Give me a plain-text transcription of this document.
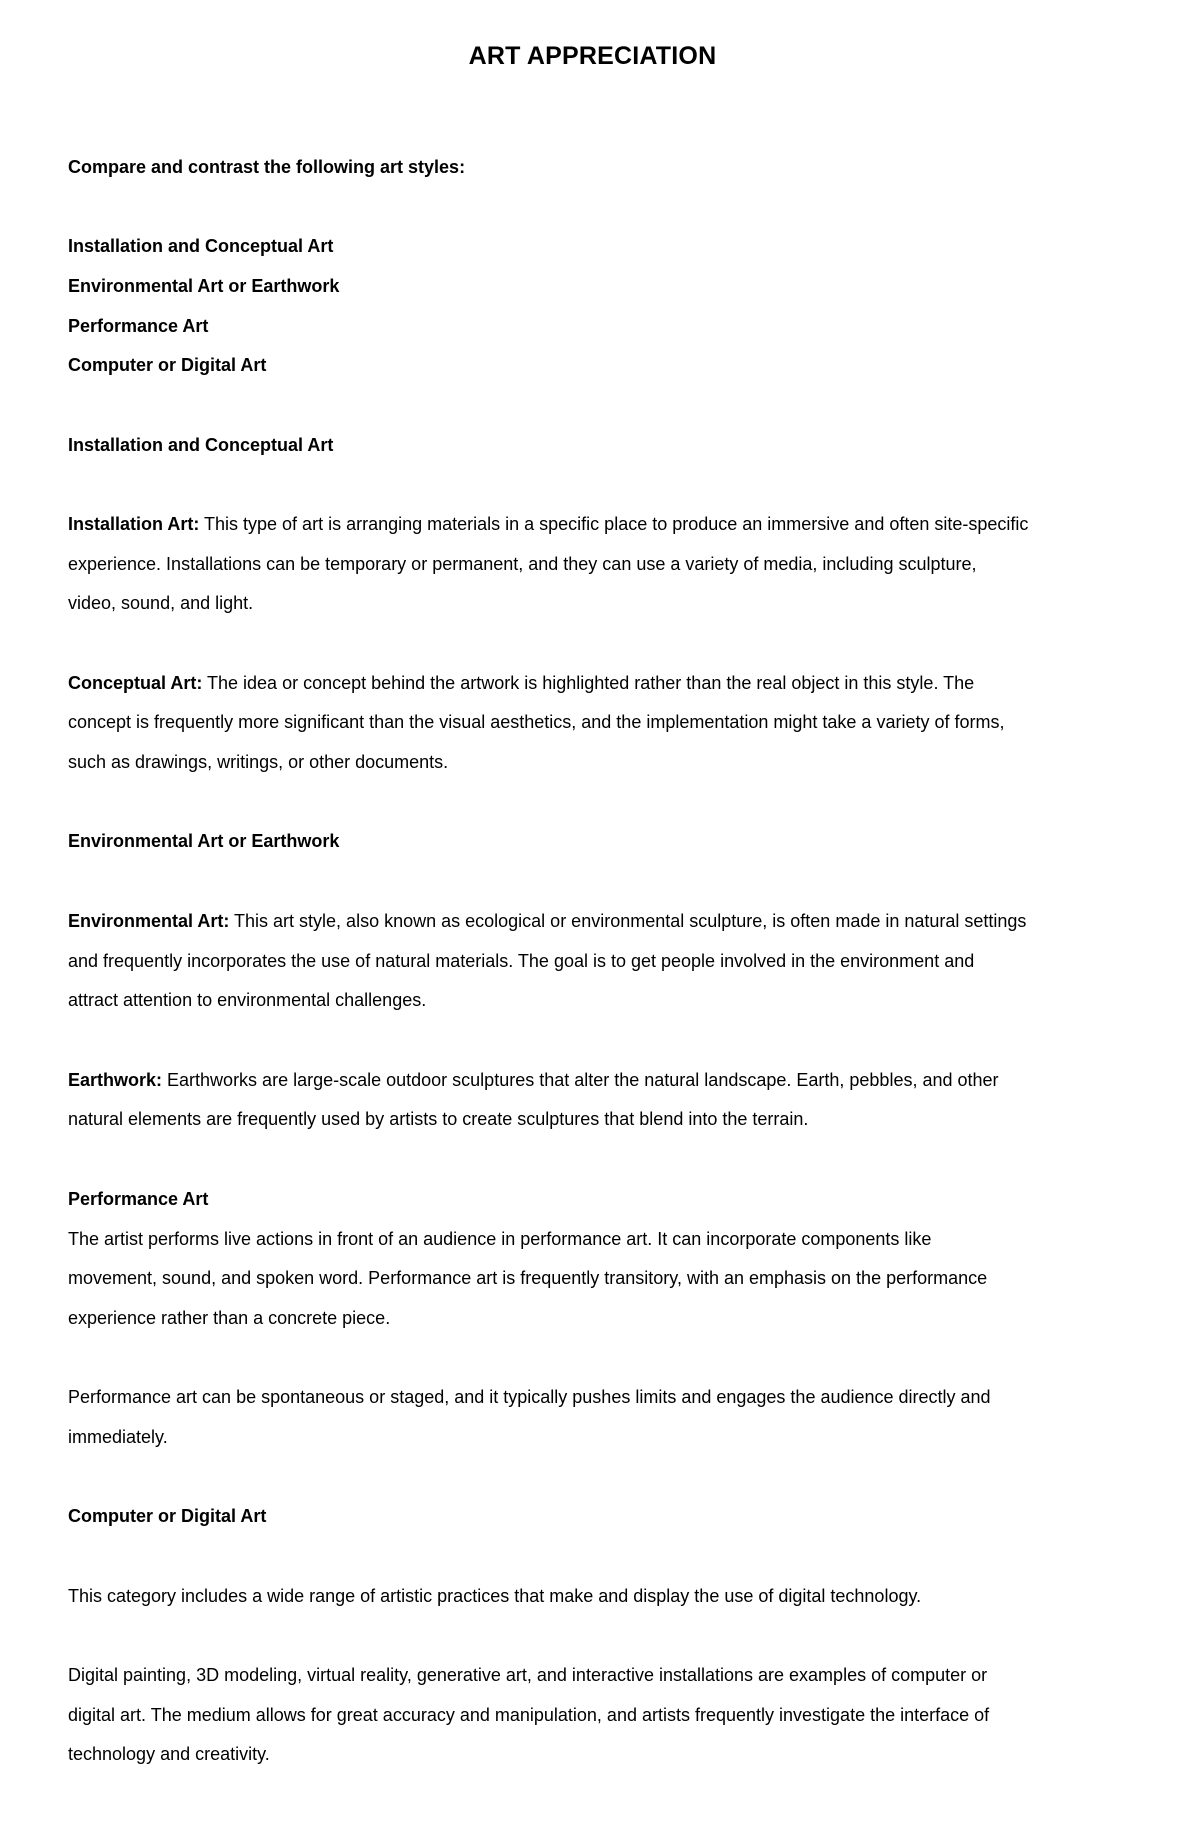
ART APPRECIATION
Compare and contrast the following art styles:
Installation and Conceptual Art
Environmental Art or Earthwork
Performance Art
Computer or Digital Art
Installation and Conceptual Art
Installation Art: This type of art is arranging materials in a specific place to produce an immersive and often site-specific
experience. Installations can be temporary or permanent, and they can use a variety of media, including sculpture,
video, sound, and light.
Conceptual Art: The idea or concept behind the artwork is highlighted rather than the real object in this style. The
concept is frequently more significant than the visual aesthetics, and the implementation might take a variety of forms,
such as drawings, writings, or other documents.
Environmental Art or Earthwork
Environmental Art: This art style, also known as ecological or environmental sculpture, is often made in natural settings
and frequently incorporates the use of natural materials. The goal is to get people involved in the environment and
attract attention to environmental challenges.
Earthwork: Earthworks are large-scale outdoor sculptures that alter the natural landscape. Earth, pebbles, and other
natural elements are frequently used by artists to create sculptures that blend into the terrain.
Performance Art
The artist performs live actions in front of an audience in performance art. It can incorporate components like
movement, sound, and spoken word. Performance art is frequently transitory, with an emphasis on the performance
experience rather than a concrete piece.
Performance art can be spontaneous or staged, and it typically pushes limits and engages the audience directly and
immediately.
Computer or Digital Art
This category includes a wide range of artistic practices that make and display the use of digital technology.
Digital painting, 3D modeling, virtual reality, generative art, and interactive installations are examples of computer or
digital art. The medium allows for great accuracy and manipulation, and artists frequently investigate the interface of
technology and creativity.
